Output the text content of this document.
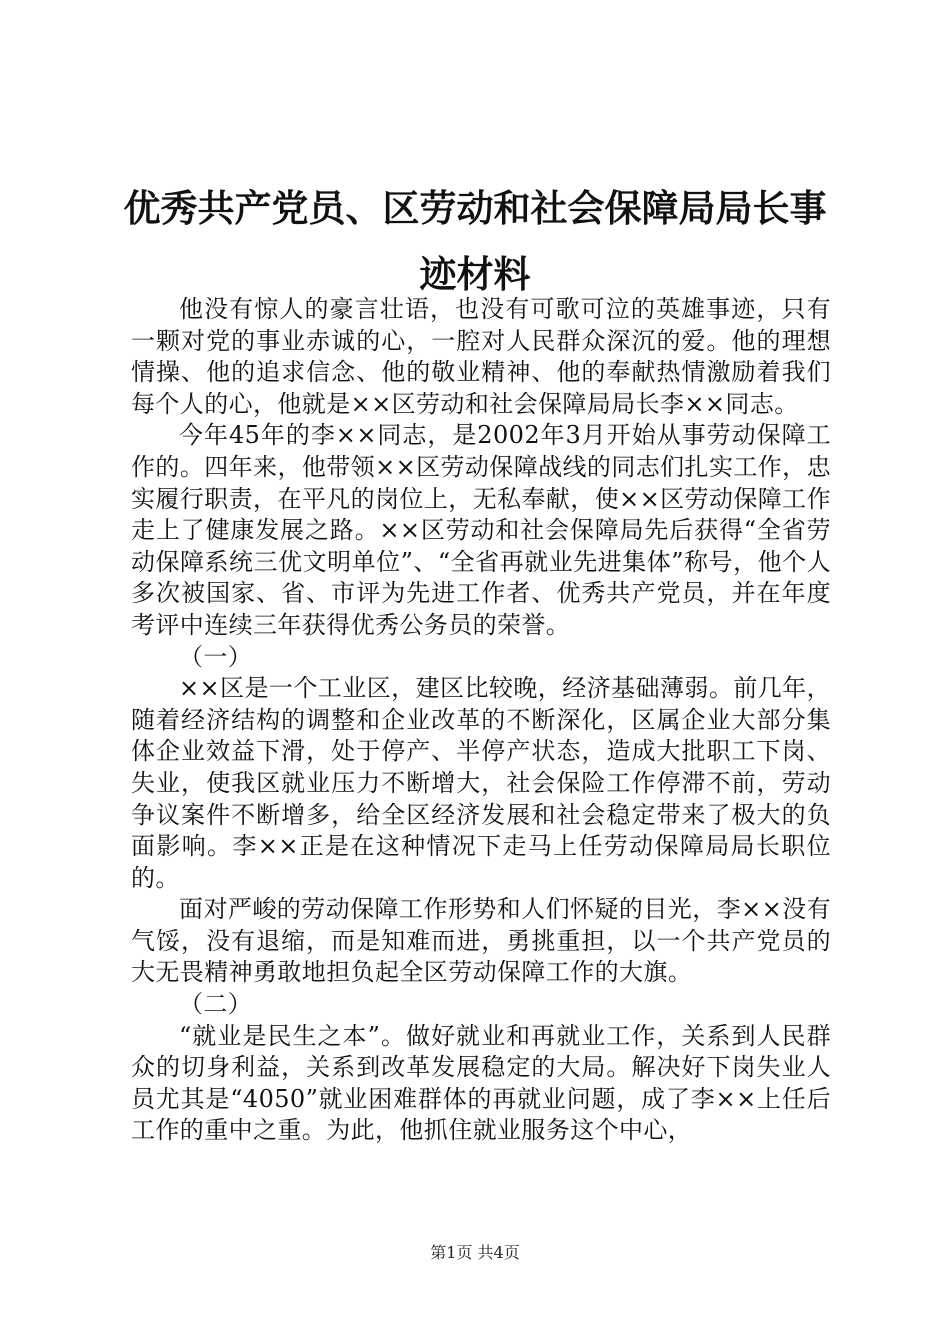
优秀共产党员、区劳动和社会保障局局长事迹材料

他没有惊人的豪言壮语，也没有可歌可泣的英雄事迹，只有一颗对党的事业赤诚的心，一腔对人民群众深沉的爱。他的理想情操、他的追求信念、他的敬业精神、他的奉献热情激励着我们每个人的心，他就是××区劳动和社会保障局局长李××同志。

今年45年的李××同志，是2002年3月开始从事劳动保障工作的。四年来，他带领××区劳动保障战线的同志们扎实工作，忠实履行职责，在平凡的岗位上，无私奉献，使××区劳动保障工作走上了健康发展之路。××区劳动和社会保障局先后获得“全省劳动保障系统三优文明单位”、“全省再就业先进集体”称号，他个人多次被国家、省、市评为先进工作者、优秀共产党员，并在年度考评中连续三年获得优秀公务员的荣誉。

（一）

××区是一个工业区，建区比较晚，经济基础薄弱。前几年，随着经济结构的调整和企业改革的不断深化，区属企业大部分集体企业效益下滑，处于停产、半停产状态，造成大批职工下岗、失业，使我区就业压力不断增大，社会保险工作停滞不前，劳动争议案件不断增多，给全区经济发展和社会稳定带来了极大的负面影响。李××正是在这种情况下走马上任劳动保障局局长职位的。

面对严峻的劳动保障工作形势和人们怀疑的目光，李××没有气馁，没有退缩，而是知难而进，勇挑重担，以一个共产党员的大无畏精神勇敢地担负起全区劳动保障工作的大旗。

（二）

“就业是民生之本”。做好就业和再就业工作，关系到人民群众的切身利益，关系到改革发展稳定的大局。解决好下岗失业人员尤其是“4050”就业困难群体的再就业问题，成了李××上任后工作的重中之重。为此，他抓住就业服务这个中心，

第1页 共4页
